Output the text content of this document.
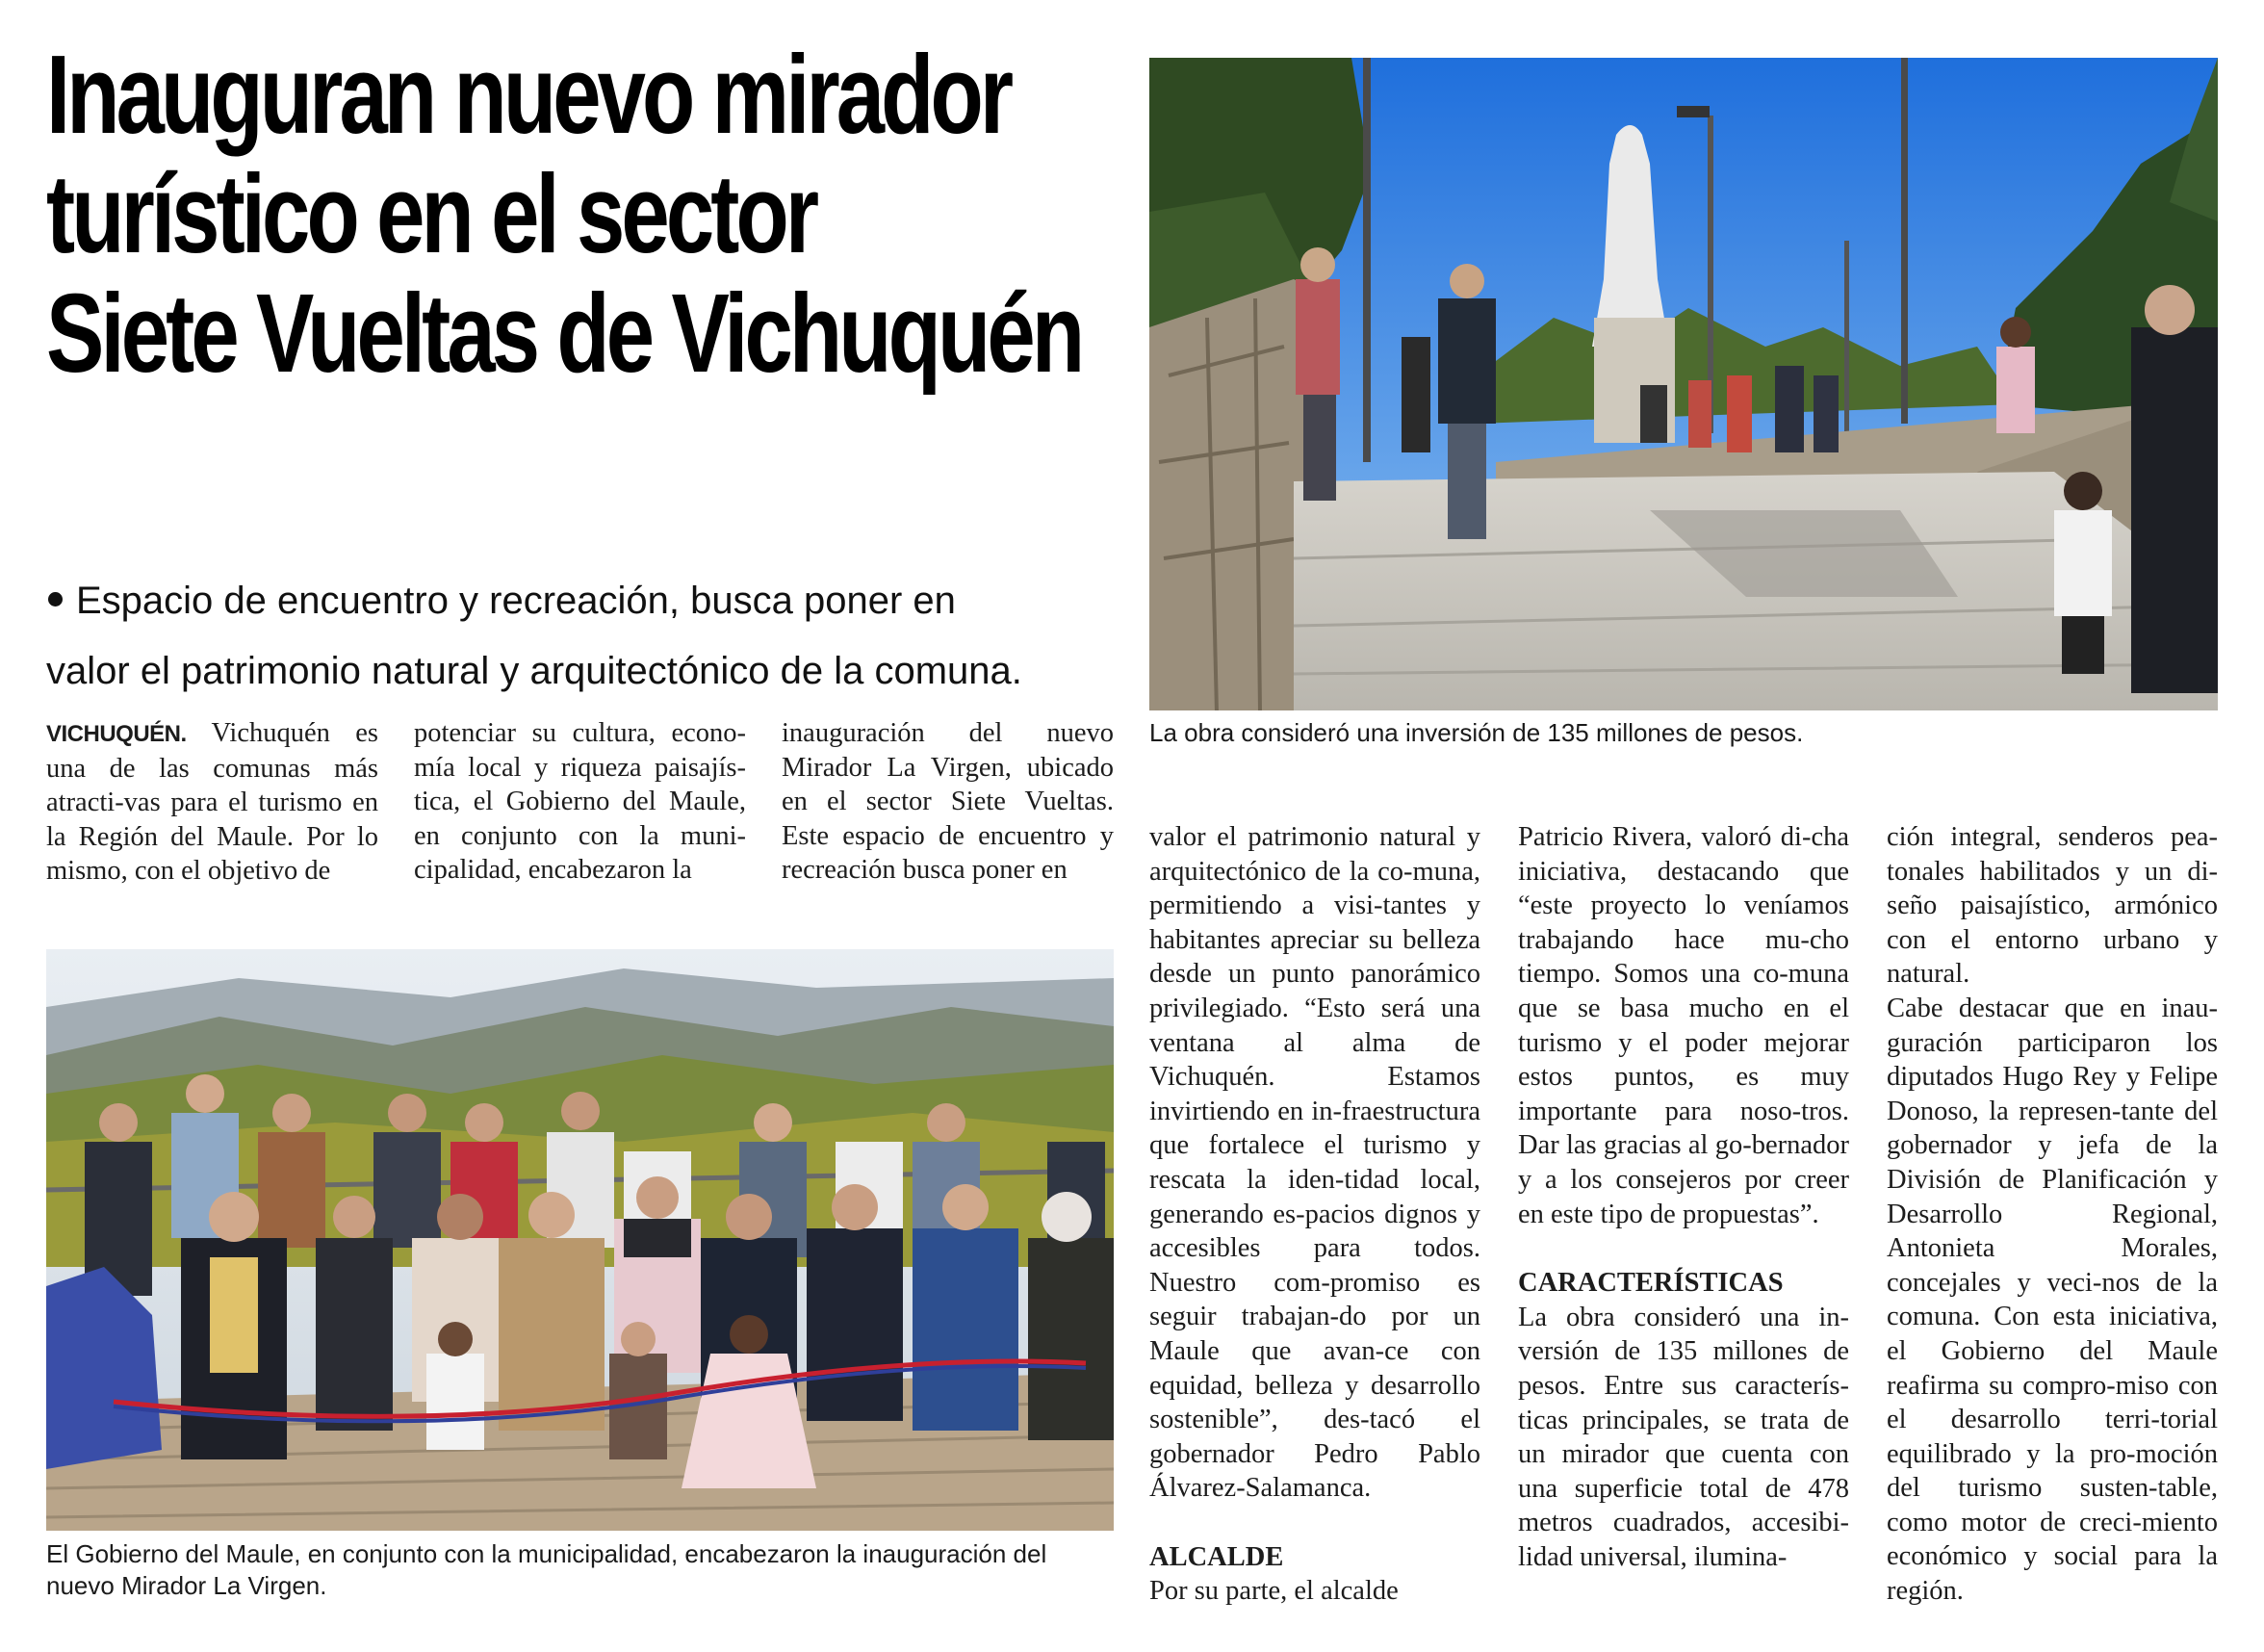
Inauguran nuevo mirador
turístico en el sector
Siete Vueltas de Vichuquén
Espacio de encuentro y recreación, busca poner en
valor el patrimonio natural y arquitectónico de la comuna.

VICHUQUÉN. Vichuquén es una de las comunas más atracti-vas para el turismo en la Región del Maule. Por lo mismo, con el objetivo de

potenciar su cultura, econo-mía local y riqueza paisajís-tica, el Gobierno del Maule, en conjunto con la muni-cipalidad, encabezaron la

inauguración del nuevo Mirador La Virgen, ubicado en el sector Siete Vueltas. Este espacio de encuentro y recreación busca poner en

La obra consideró una inversión de 135 millones de pesos.

El Gobierno del Maule, en conjunto con la municipalidad, encabezaron la inauguración del
nuevo Mirador La Virgen.

valor el patrimonio natural y arquitectónico de la co-muna, permitiendo a visi-tantes y habitantes apreciar su belleza desde un punto panorámico privilegiado. “Esto será una ventana al alma de Vichuquén. Estamos invirtiendo en in-fraestructura que fortalece el turismo y rescata la iden-tidad local, generando es-pacios dignos y accesibles para todos. Nuestro com-promiso es seguir trabajan-do por un Maule que avan-ce con equidad, belleza y desarrollo sostenible”, des-tacó el gobernador Pedro Pablo Álvarez-Salamanca.

ALCALDE

Por su parte, el alcalde

Patricio Rivera, valoró di-cha iniciativa, destacando que “este proyecto lo veníamos trabajando hace mu-cho tiempo. Somos una co-muna que se basa mucho en el turismo y el poder mejorar estos puntos, es muy importante para noso-tros. Dar las gracias al go-bernador y a los consejeros por creer en este tipo de propuestas”.

CARACTERÍSTICAS

La obra consideró una in-versión de 135 millones de pesos. Entre sus caracterís-ticas principales, se trata de un mirador que cuenta con una superficie total de 478 metros cuadrados, accesibi-lidad universal, ilumina-

ción integral, senderos pea-tonales habilitados y un di-seño paisajístico, armónico con el entorno urbano y natural.

Cabe destacar que en inau-guración participaron los diputados Hugo Rey y Felipe Donoso, la represen-tante del gobernador y jefa de la División de Planificación y Desarrollo Regional, Antonieta Morales, concejales y veci-nos de la comuna. Con esta iniciativa, el Gobierno del Maule reafirma su compro-miso con el desarrollo terri-torial equilibrado y la pro-moción del turismo susten-table, como motor de creci-miento económico y social para la región.
